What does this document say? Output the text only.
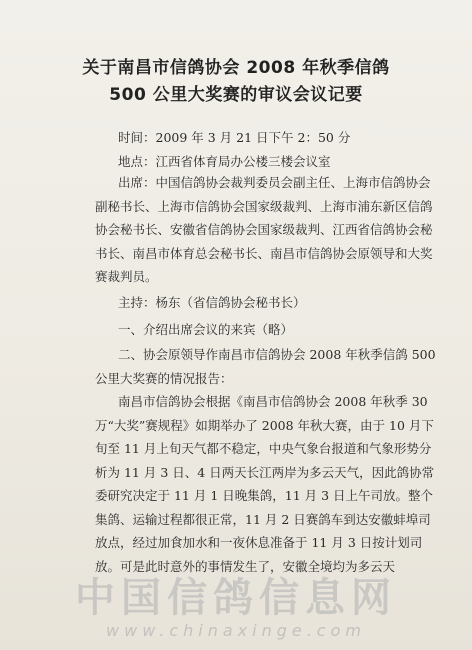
关于南昌市信鸽协会 2008 年秋季信鸽
500 公里大奖赛的审议会议记要
时间：2009 年 3 月 21 日下午 2：50 分
地点：江西省体育局办公楼三楼会议室
出席：中国信鸽协会裁判委员会副主任、上海市信鸽协会副秘书长、上海市信鸽协会国家级裁判、上海市浦东新区信鸽协会秘书长、安徽省信鸽协会国家级裁判、江西省信鸽协会秘书长、南昌市体育总会秘书长、南昌市信鸽协会原领导和大奖赛裁判员。
主持：杨东（省信鸽协会秘书长）
一、介绍出席会议的来宾（略）
二、协会原领导作南昌市信鸽协会 2008 年秋季信鸽 500 公里大奖赛的情况报告：
南昌市信鸽协会根据《南昌市信鸽协会 2008 年秋季 30 万“大奖”赛规程》如期举办了 2008 年秋大赛，由于 10 月下旬至 11 月上旬天气都不稳定，中央气象台报道和气象形势分析为 11 月 3 日、4 日两天长江两岸为多云天气，因此鸽协常委研究决定于 11 月 1 日晚集鸽，11 月 3 日上午司放。整个集鸽、运输过程都很正常，11 月 2 日赛鸽车到达安徽蚌埠司放点，经过加食加水和一夜休息准备于 11 月 3 日按计划司放。可是此时意外的事情发生了，安徽全境均为多云天
中国信鸽信息网
www.chinaxinge.com
